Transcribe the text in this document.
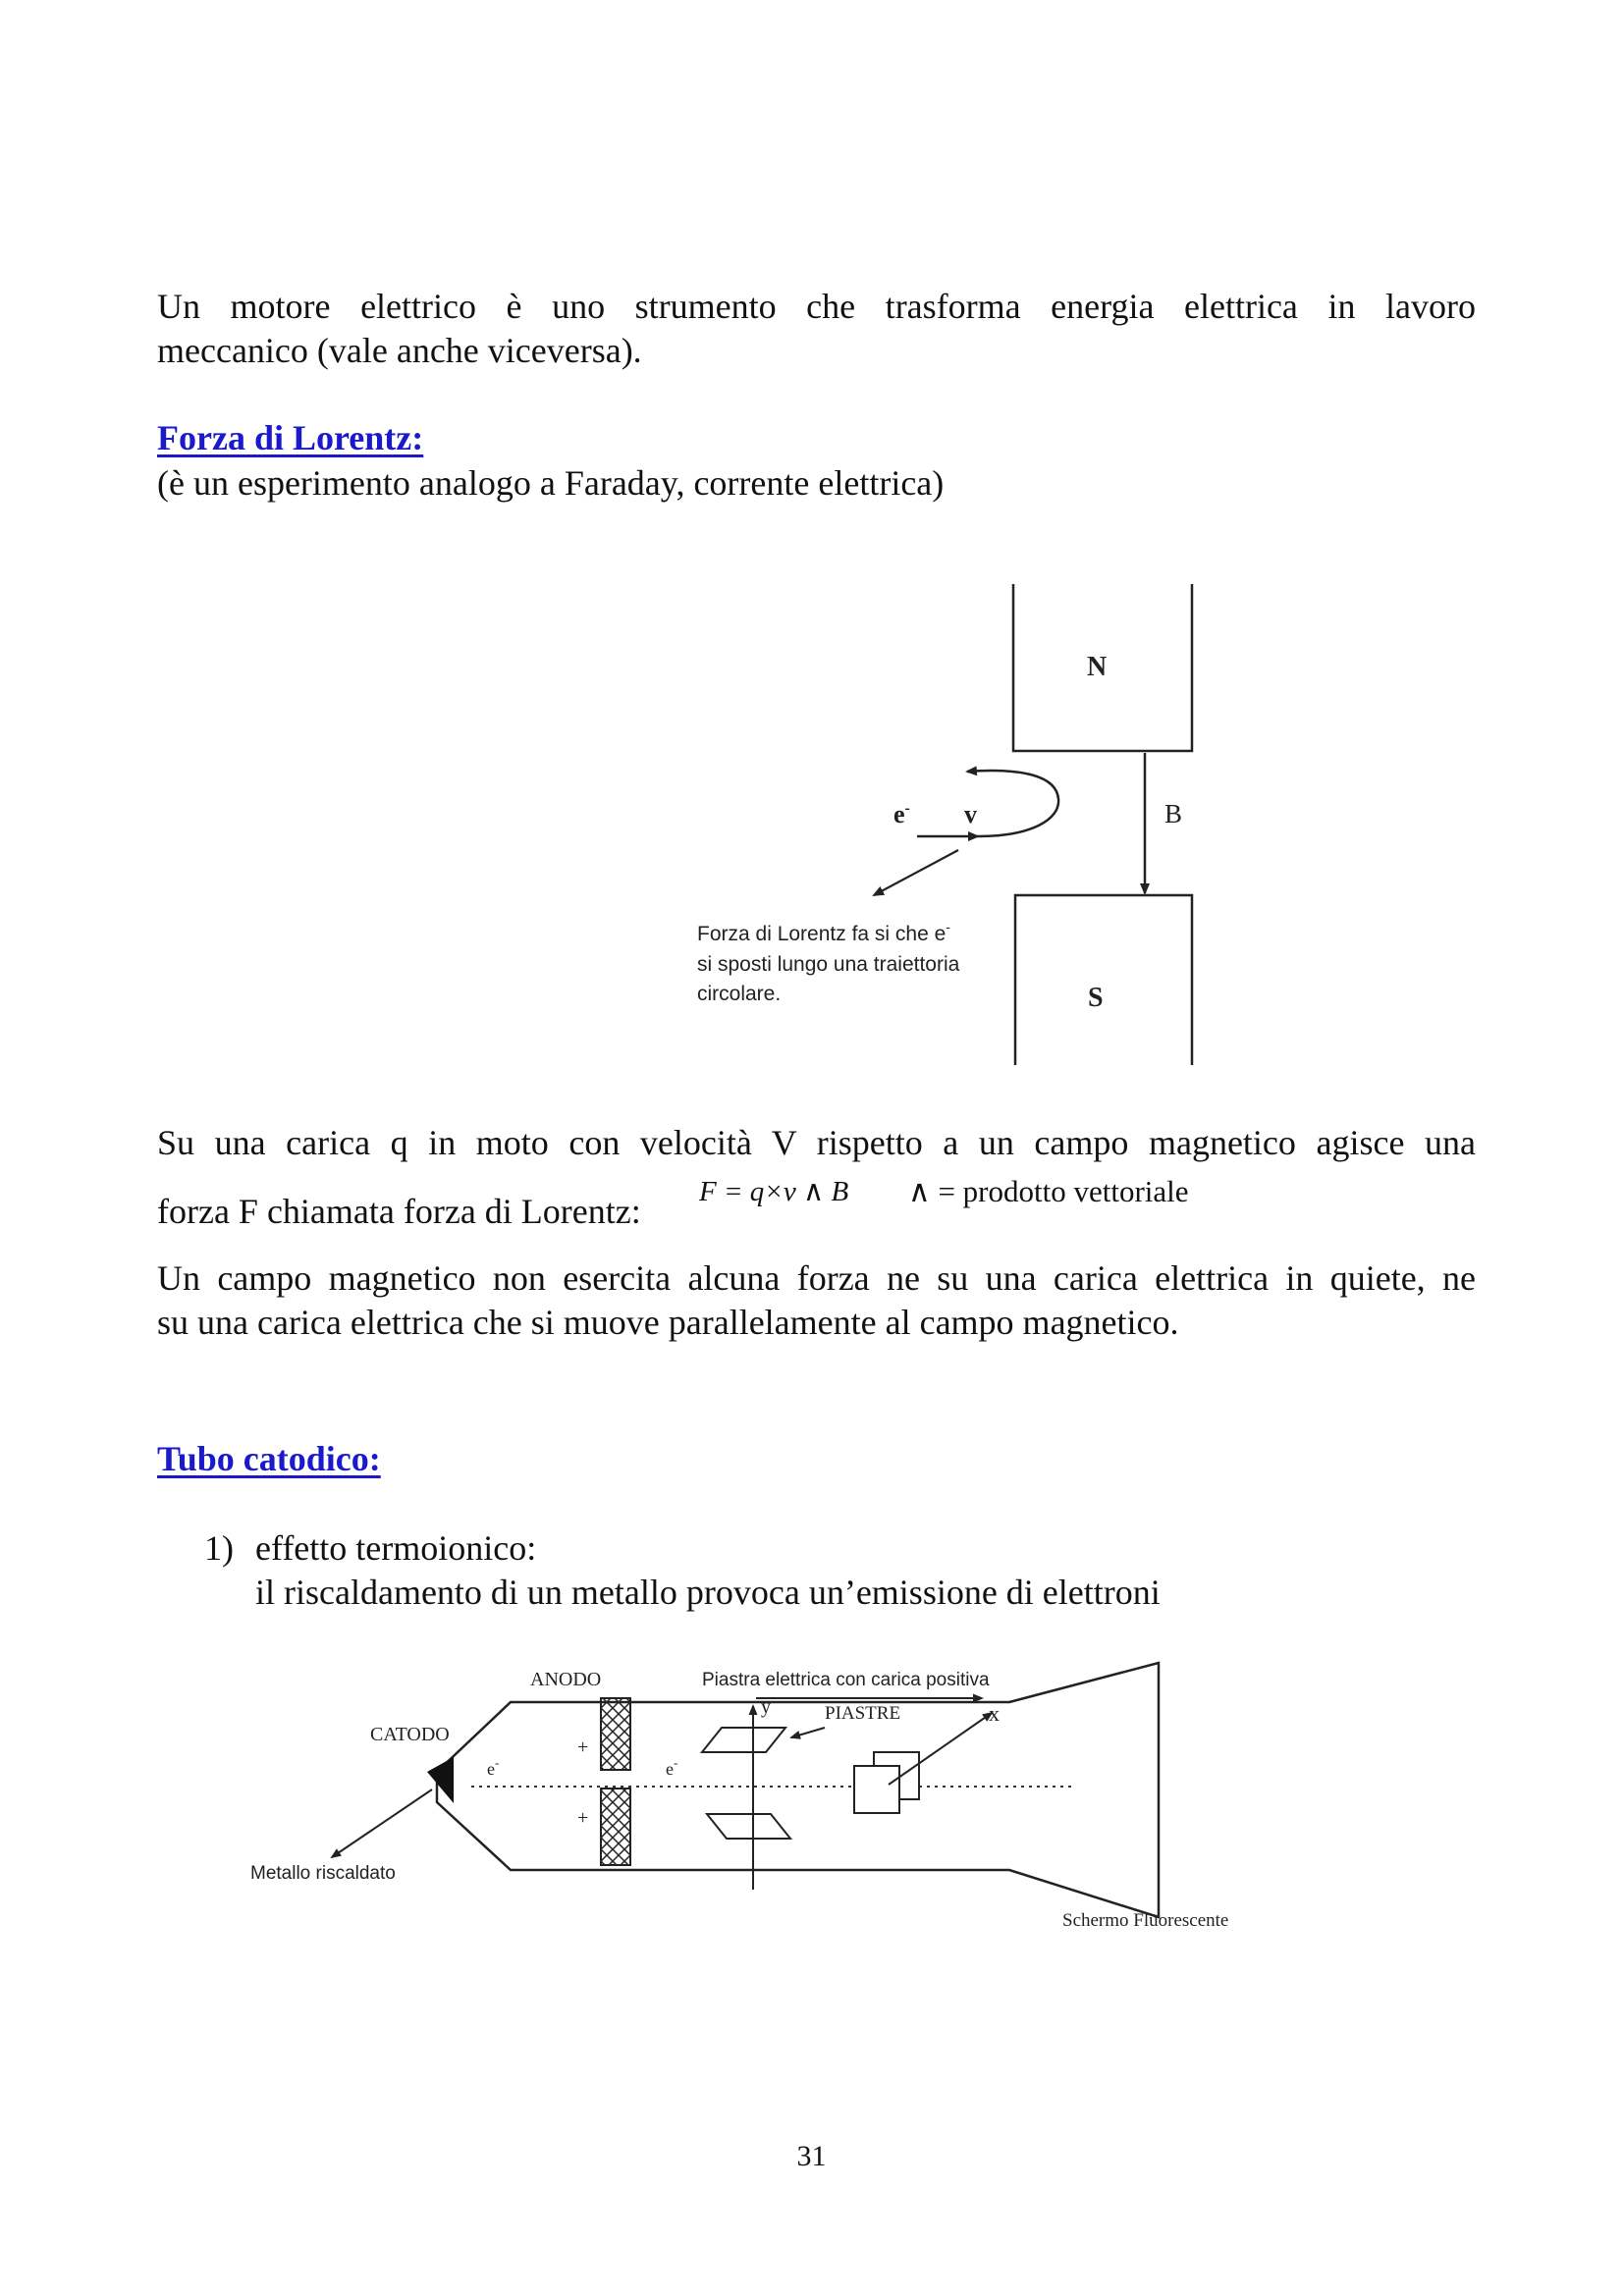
Un motore elettrico è uno strumento che trasforma energia elettrica in lavoro
meccanico (vale anche viceversa).
Forza di Lorentz:
(è un esperimento analogo a Faraday, corrente elettrica)
N
S
B
e- v
Forza di Lorentz fa si che e- si sposti lungo una traiettoria circolare.
Su una carica q in moto con velocità V rispetto a un campo magnetico agisce una
forza F chiamata forza di Lorentz: F = q×v ∧ B ∧ = prodotto vettoriale
Un campo magnetico non esercita alcuna forza ne su una carica elettrica in quiete, ne
su una carica elettrica che si muove parallelamente al campo magnetico.
Tubo catodico:
1) effetto termoionico:
il riscaldamento di un metallo provoca un’emissione di elettroni
ANODO	Piastra elettrica con carica positiva
PIASTRE
y	x
CATODO
+
+
e-	e-
Metallo riscaldato
Schermo Fluorescente
31
